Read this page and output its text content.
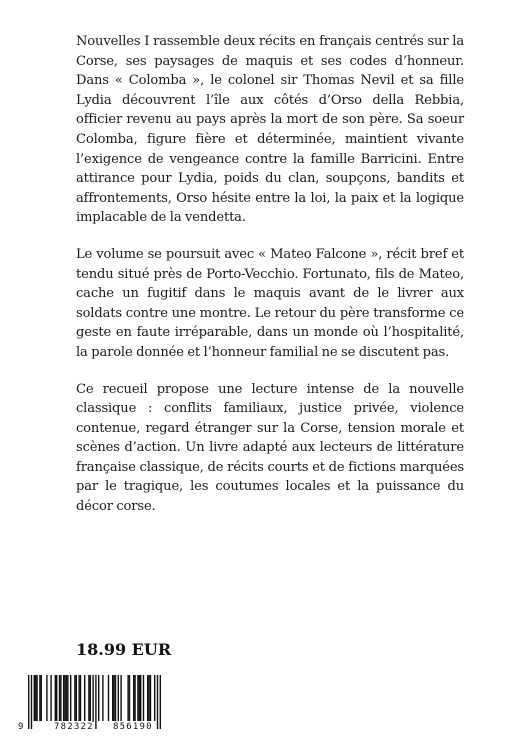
Nouvelles I rassemble deux récits en français centrés sur la Corse, ses paysages de maquis et ses codes d’honneur. Dans « Colomba », le colonel sir Thomas Nevil et sa fille Lydia découvrent l’île aux côtés d’Orso della Rebbia, officier revenu au pays après la mort de son père. Sa soeur Colomba, figure fière et déterminée, maintient vivante l’exigence de vengeance contre la famille Barricini. Entre attirance pour Lydia, poids du clan, soupçons, bandits et affrontements, Orso hésite entre la loi, la paix et la logique implacable de la vendetta.

Le volume se poursuit avec « Mateo Falcone », récit bref et tendu situé près de Porto-Vecchio. Fortunato, fils de Mateo, cache un fugitif dans le maquis avant de le livrer aux soldats contre une montre. Le retour du père transforme ce geste en faute irréparable, dans un monde où l’hospitalité, la parole donnée et l’honneur familial ne se discutent pas.

Ce recueil propose une lecture intense de la nouvelle classique : conflits familiaux, justice privée, violence contenue, regard étranger sur la Corse, tension morale et scènes d’action. Un livre adapté aux lecteurs de littérature française classique, de récits courts et de fictions marquées par le tragique, les coutumes locales et la puissance du décor corse.

18.99 EUR
9	782322 856190
